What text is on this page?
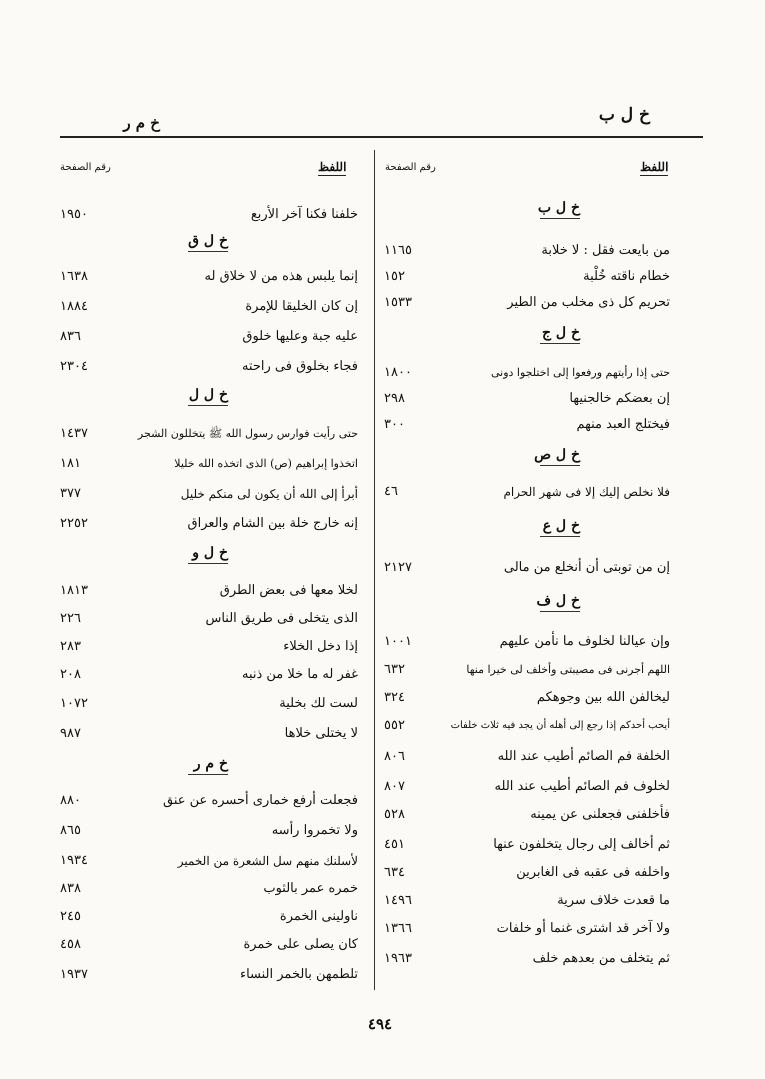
خ ل ب
خ م ر
اللفظ
رقم الصفحة
اللفظ
رقم الصفحة
خ ل ب
من بايعت فقل : لا خلابة
١١٦٥
خطام ناقته خُلْبة
١٥٢
تحريم كل ذى مخلب من الطير
١٥٣٣
خ ل ج
حتى إذا رأيتهم ورفعوا إلى اختلجوا دونى
١٨٠٠
إن بعضكم خالجنيها
٢٩٨
فيختلج العبد منهم
٣٠٠
خ ل ص
فلا نخلص إليك إلا فى شهر الحرام
٤٦
خ ل ع
إن من توبتى أن أنخلع من مالى
٢١٢٧
خ ل ف
وإن عيالنا لخلوف ما نأمن عليهم
١٠٠١
اللهم أجرنى فى مصيبتى وأخلف لى خيرا منها
٦٣٢
ليخالفن الله بين وجوهكم
٣٢٤
أيحب أحدكم إذا رجع إلى أهله أن يجد فيه ثلاث خلفات
٥٥٢
الخلفة فم الصائم أطيب عند الله
٨٠٦
لخلوف فم الصائم أطيب عند الله
٨٠٧
فأخلفنى فجعلنى عن يمينه
٥٢٨
ثم أخالف إلى رجال يتخلفون عنها
٤٥١
واخلفه فى عقبه فى الغابرين
٦٣٤
ما قعدت خلاف سرية
١٤٩٦
ولا آخر قد اشترى غنما أو خلفات
١٣٦٦
ثم يتخلف من بعدهم خلف
١٩٦٣
خلفنا فكنا آخر الأربع
١٩٥٠
خ ل ق
إنما يلبس هذه من لا خلاق له
١٦٣٨
إن كان الخليقا للإمرة
١٨٨٤
عليه جبة وعليها خلوق
٨٣٦
فجاء بخلوق فى راحته
٢٣٠٤
خ ل ل
حتى رأيت فوارس رسول الله ﷺ يتخللون الشجر
١٤٣٧
اتخذوا إبراهيم (ص) الذى اتخذه الله خليلا
١٨١
أبرأ إلى الله أن يكون لى منكم خليل
٣٧٧
إنه خارج خلة بين الشام والعراق
٢٢٥٢
خ ل و
لخلا معها فى بعض الطرق
١٨١٣
الذى يتخلى فى طريق الناس
٢٢٦
إذا دخل الخلاء
٢٨٣
غفر له ما خلا من ذنبه
٢٠٨
لست لك بخلية
١٠٧٢
لا يختلى خلاها
٩٨٧
خ م ر
فجعلت أرفع خمارى أحسره عن عنق
٨٨٠
ولا تخمروا رأسه
٨٦٥
لأسلنك منهم سل الشعرة من الخمير
١٩٣٤
خمره عمر بالثوب
٨٣٨
ناولينى الخمرة
٢٤٥
كان يصلى على خمرة
٤٥٨
تلطمهن بالخمر النساء
١٩٣٧
٤٩٤
